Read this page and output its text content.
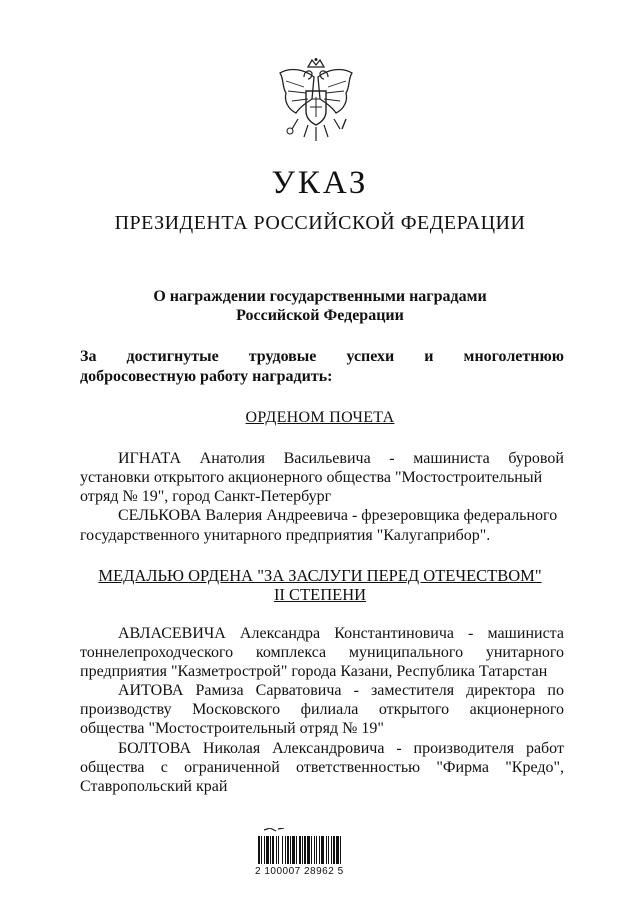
УКАЗ
ПРЕЗИДЕНТА РОССИЙСКОЙ ФЕДЕРАЦИИ
О награждении государственными наградами
Российской Федерации
За достигнутые трудовые успехи и многолетнюю
добросовестную работу наградить:
ОРДЕНОМ ПОЧЕТА
ИГНАТА Анатолия Васильевича - машиниста буровой
установки открытого акционерного общества "Мостостроительный
отряд № 19", город Санкт-Петербург
СЕЛЬКОВА Валерия Андреевича - фрезеровщика федерального
государственного унитарного предприятия "Калугаприбор".
МЕДАЛЬЮ ОРДЕНА "ЗА ЗАСЛУГИ ПЕРЕД ОТЕЧЕСТВОМ"
II СТЕПЕНИ
АВЛАСЕВИЧА Александра Константиновича - машиниста
тоннелепроходческого комплекса муниципального унитарного
предприятия "Казметрострой" города Казани, Республика Татарстан
АИТОВА Рамиза Сарватовича - заместителя директора по
производству Московского филиала открытого акционерного
общества "Мостостроительный отряд № 19"
БОЛТОВА Николая Александровича - производителя работ
общества с ограниченной ответственностью "Фирма "Кредо",
Ставропольский край
2 100007 28962 5
